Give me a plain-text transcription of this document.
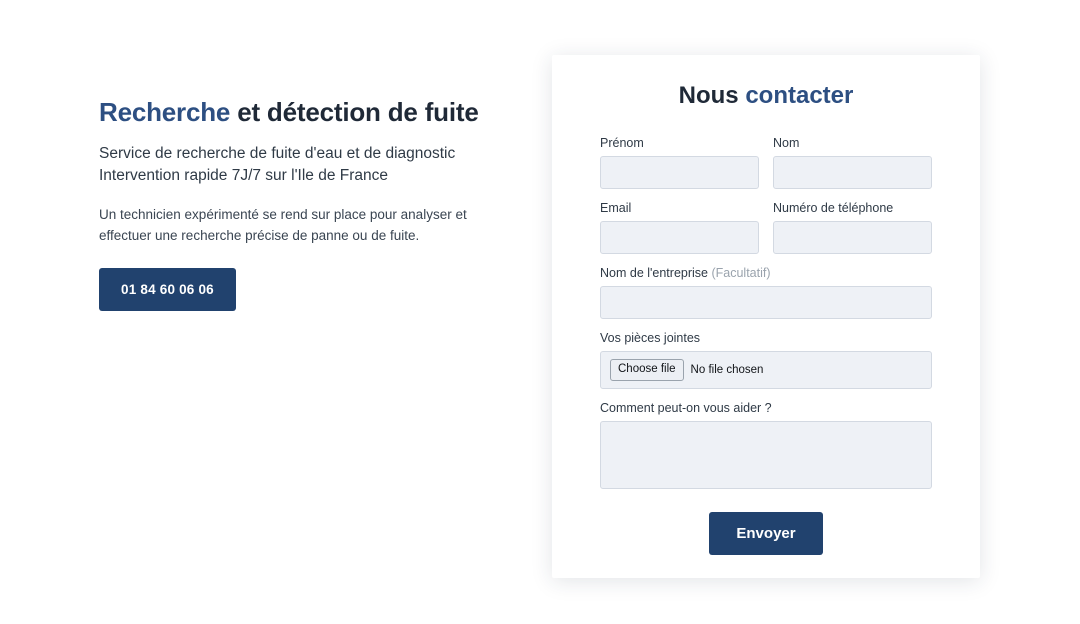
Recherche et détection de fuite

Service de recherche de fuite d'eau et de diagnostic
Intervention rapide 7J/7 sur l'Ile de France

Un technicien expérimenté se rend sur place pour analyser et effectuer une recherche précise de panne ou de fuite.

01 84 60 06 06
Nous contacter
Prénom	Nom
Email	Numéro de téléphone
Nom de l'entreprise (Facultatif)
Vos pièces jointes
Choose file	No file chosen
Comment peut-on vous aider ?
Envoyer
